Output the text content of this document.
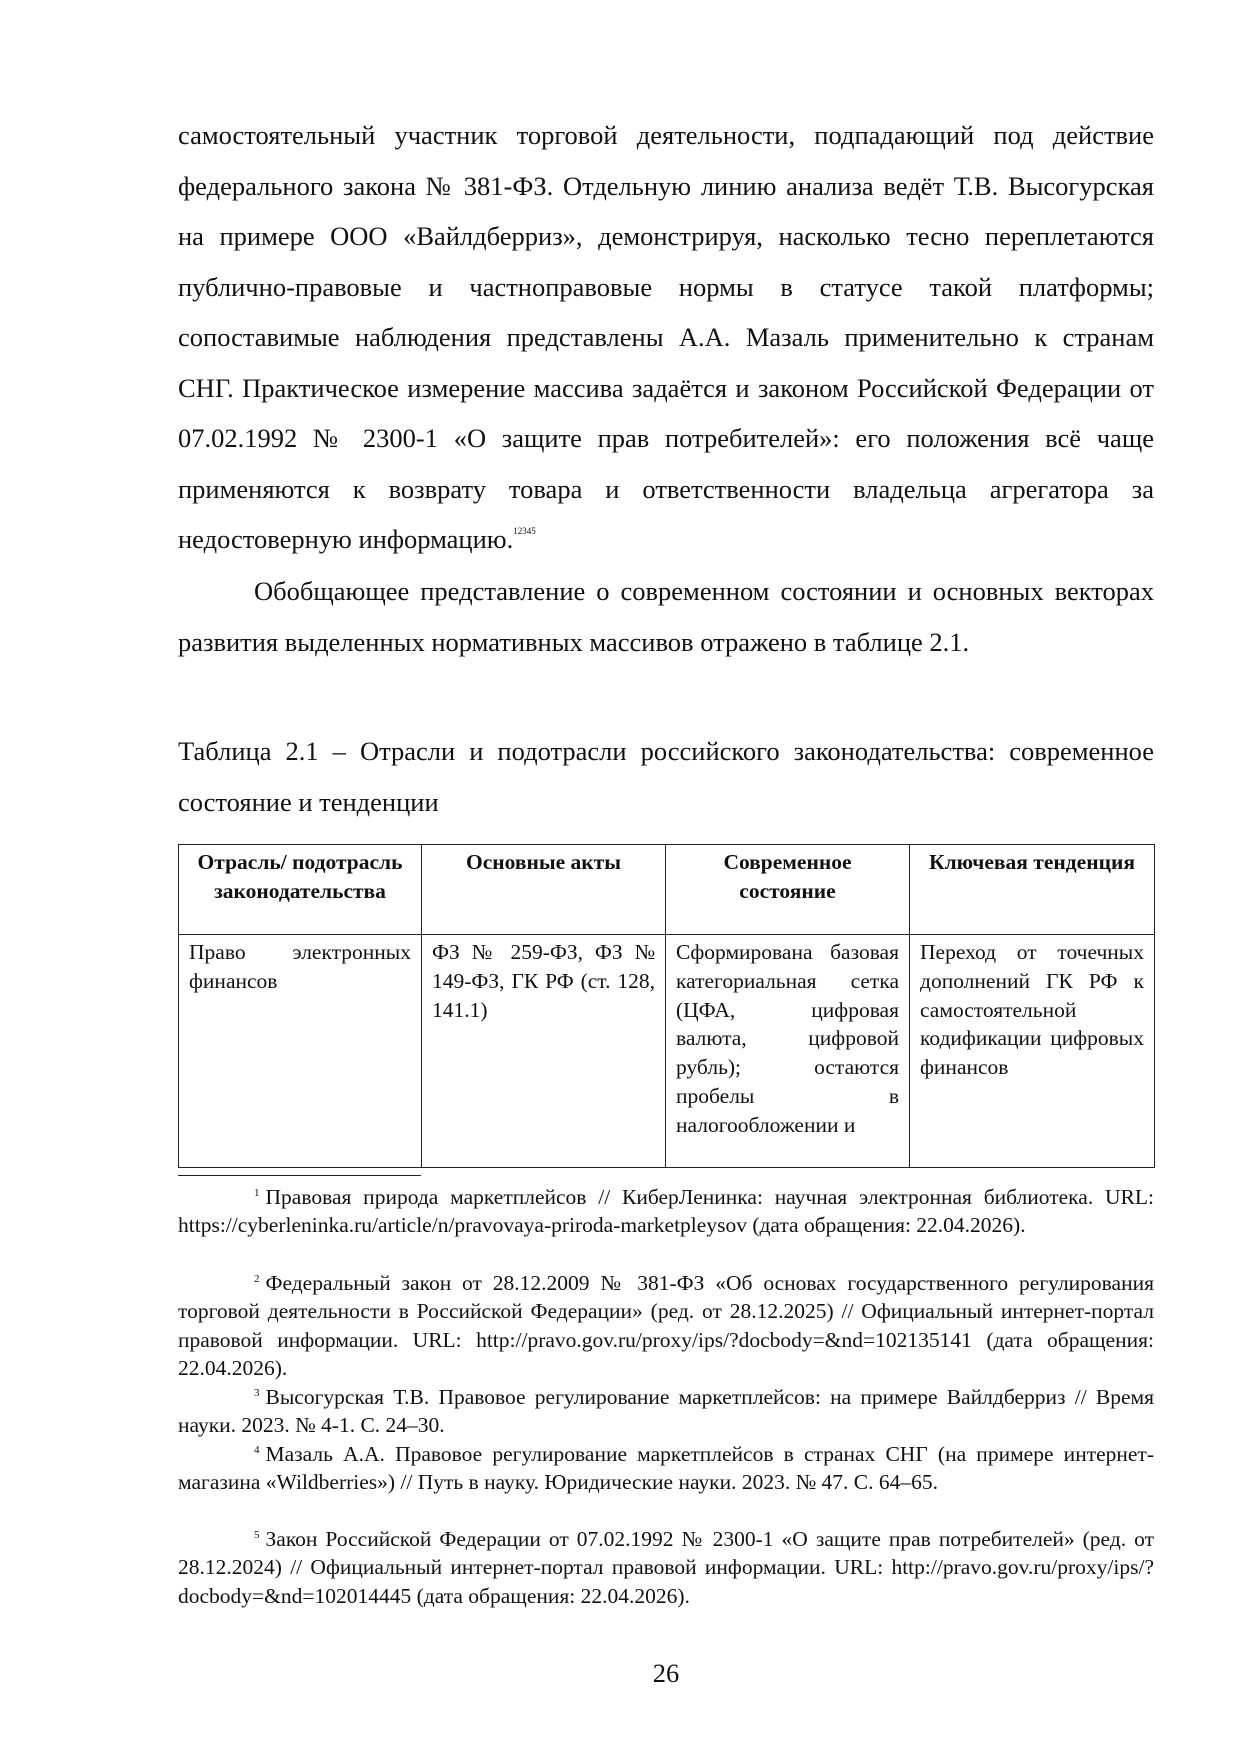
самостоятельный участник торговой деятельности, подпадающий под действие федерального закона № 381-ФЗ. Отдельную линию анализа ведёт Т.В. Высогурская на примере ООО «Вайлдберриз», демонстрируя, насколько тесно переплетаются публично-правовые и частноправовые нормы в статусе такой платформы; сопоставимые наблюдения представлены А.А. Мазаль применительно к странам СНГ. Практическое измерение массива задаётся и законом Российской Федерации от 07.02.1992 № 2300-1 «О защите прав потребителей»: его положения всё чаще применяются к возврату товара и ответственности владельца агрегатора за недостоверную информацию.$^{12345}$

Обобщающее представление о современном состоянии и основных векторах развития выделенных нормативных массивов отражено в таблице 2.1.

Таблица 2.1 – Отрасли и подотрасли российского законодательства: современное состояние и тенденции

Отрасль/ подотрасль законодательства	Основные акты	Современное состояние	Ключевая тенденция

Право электронных финансов	ФЗ № 259-ФЗ, ФЗ № 149-ФЗ, ГК РФ (ст. 128, 141.1)	Сформирована базовая категориальная сетка (ЦФА, цифровая валюта, цифровой рубль); остаются пробелы в налогообложении и	Переход от точечных дополнений ГК РФ к самостоятельной кодификации цифровых финансов

$^1$ Правовая природа маркетплейсов // КиберЛенинка: научная электронная библиотека. URL: https://cyberleninka.ru/article/n/pravovaya-priroda-marketpleysov (дата обращения: 22.04.2026).

$^2$ Федеральный закон от 28.12.2009 № 381-ФЗ «Об основах государственного регулирования торговой деятельности в Российской Федерации» (ред. от 28.12.2025) // Официальный интернет-портал правовой информации. URL: http://pravo.gov.ru/proxy/ips/?docbody=&nd=102135141 (дата обращения: 22.04.2026).

$^3$ Высогурская Т.В. Правовое регулирование маркетплейсов: на примере Вайлдберриз // Время науки. 2023. № 4-1. С. 24–30.

$^4$ Мазаль А.А. Правовое регулирование маркетплейсов в странах СНГ (на примере интернет-магазина «Wildberries») // Путь в науку. Юридические науки. 2023. № 47. С. 64–65.

$^5$ Закон Российской Федерации от 07.02.1992 № 2300-1 «О защите прав потребителей» (ред. от 28.12.2024) // Официальный интернет-портал правовой информации. URL: http://pravo.gov.ru/proxy/ips/?docbody=&nd=102014445 (дата обращения: 22.04.2026).

26
